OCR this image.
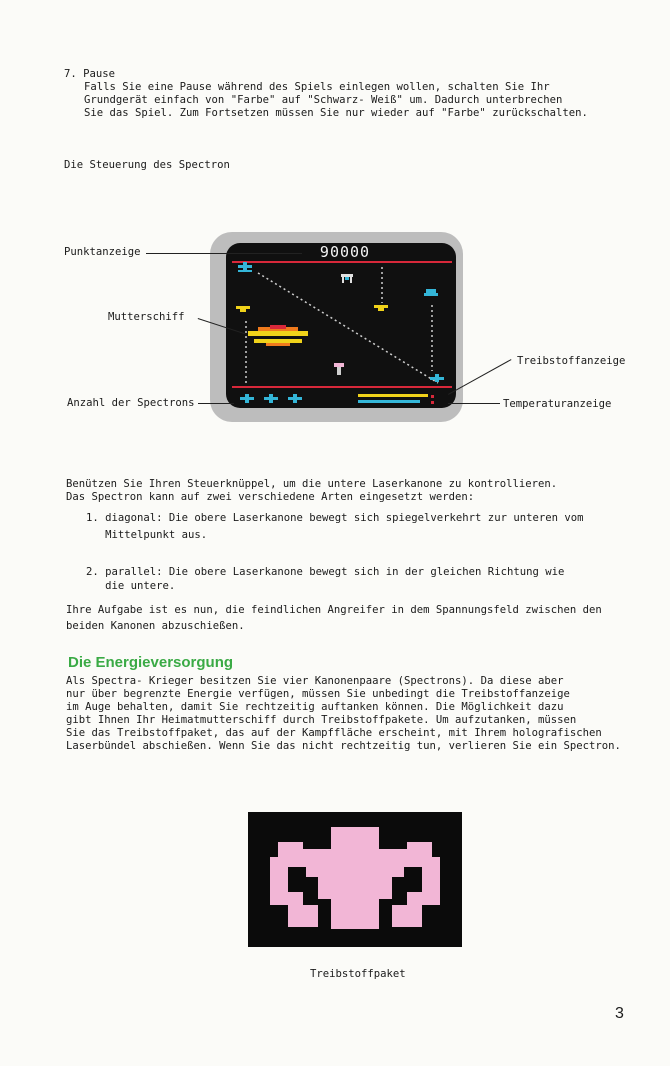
7. Pause
Falls Sie eine Pause während des Spiels einlegen wollen, schalten Sie Ihr
Grundgerät einfach von "Farbe" auf "Schwarz- Weiß" um. Dadurch unterbrechen
Sie das Spiel. Zum Fortsetzen müssen Sie nur wieder auf "Farbe" zurückschalten.
Die Steuerung des Spectron
90000
Punktanzeige
Mutterschiff
Treibstoffanzeige
Anzahl der Spectrons	Temperaturanzeige
Benützen Sie Ihren Steuerknüppel, um die untere Laserkanone zu kontrollieren.
Das Spectron kann auf zwei verschiedene Arten eingesetzt werden:
1. diagonal: Die obere Laserkanone bewegt sich spiegelverkehrt zur unteren vom
Mittelpunkt aus.
2. parallel: Die obere Laserkanone bewegt sich in der gleichen Richtung wie
die untere.
Ihre Aufgabe ist es nun, die feindlichen Angreifer in dem Spannungsfeld zwischen den
beiden Kanonen abzuschießen.
Die Energieversorgung
Als Spectra- Krieger besitzen Sie vier Kanonenpaare (Spectrons). Da diese aber
nur über begrenzte Energie verfügen, müssen Sie unbedingt die Treibstoffanzeige
im Auge behalten, damit Sie rechtzeitig auftanken können. Die Möglichkeit dazu
gibt Ihnen Ihr Heimatmutterschiff durch Treibstoffpakete. Um aufzutanken, müssen
Sie das Treibstoffpaket, das auf der Kampffläche erscheint, mit Ihrem holografischen
Laserbündel abschießen. Wenn Sie das nicht rechtzeitig tun, verlieren Sie ein Spectron.
Treibstoffpaket
3
